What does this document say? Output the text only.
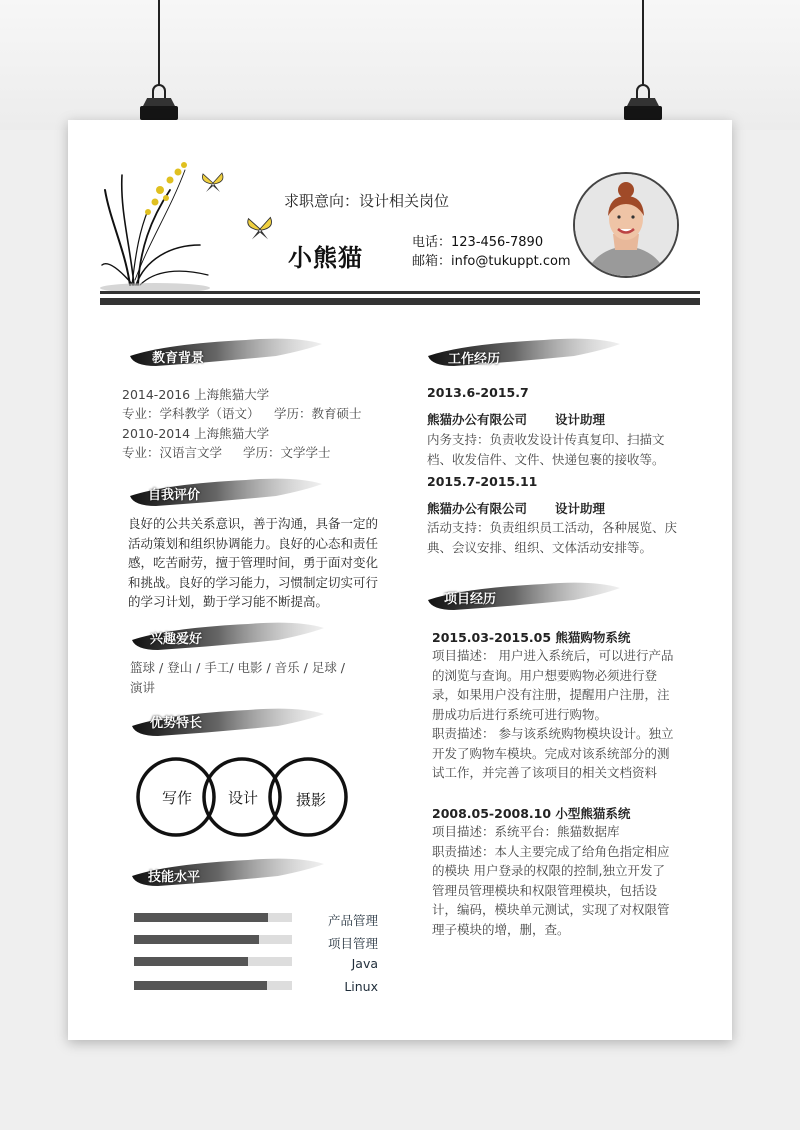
求职意向：设计相关岗位
小熊猫
电话：123-456-7890
邮箱：info@tukuppt.com
教育背景
2014-2016 上海熊猫大学
专业：学科教学（语文） 学历：教育硕士
2010-2014 上海熊猫大学
专业：汉语言文学 学历：文学学士
自我评价
良好的公共关系意识，善于沟通，具备一定的
活动策划和组织协调能力。良好的心态和责任
感，吃苦耐劳，擅于管理时间，勇于面对变化
和挑战。良好的学习能力，习惯制定切实可行
的学习计划，勤于学习能不断提高。
兴趣爱好
篮球 / 登山 / 手工/ 电影 / 音乐 / 足球 /
演讲
优势特长
写作 设计	摄影
技能水平
产品管理
项目管理
Java
Linux
工作经历
2013.6-2015.7
熊猫办公有限公司 设计助理
内务支持：负责收发设计传真复印、扫描文
档、收发信件、文件、快递包裹的接收等。
2015.7-2015.11
熊猫办公有限公司 设计助理
活动支持：负责组织员工活动，各种展览、庆
典、会议安排、组织、文体活动安排等。
项目经历
2015.03-2015.05 熊猫购物系统
项目描述： 用户进入系统后，可以进行产品
的浏览与查询。用户想要购物必须进行登
录，如果用户没有注册，提醒用户注册，注
册成功后进行系统可进行购物。
职责描述： 参与该系统购物模块设计。独立
开发了购物车模块。完成对该系统部分的测
试工作，并完善了该项目的相关文档资料
2008.05-2008.10 小型熊猫系统
项目描述：系统平台：熊猫数据库
职责描述：本人主要完成了给角色指定相应
的模块 用户登录的权限的控制,独立开发了
管理员管理模块和权限管理模块，包括设
计，编码，模块单元测试，实现了对权限管
理子模块的增，删，查。
